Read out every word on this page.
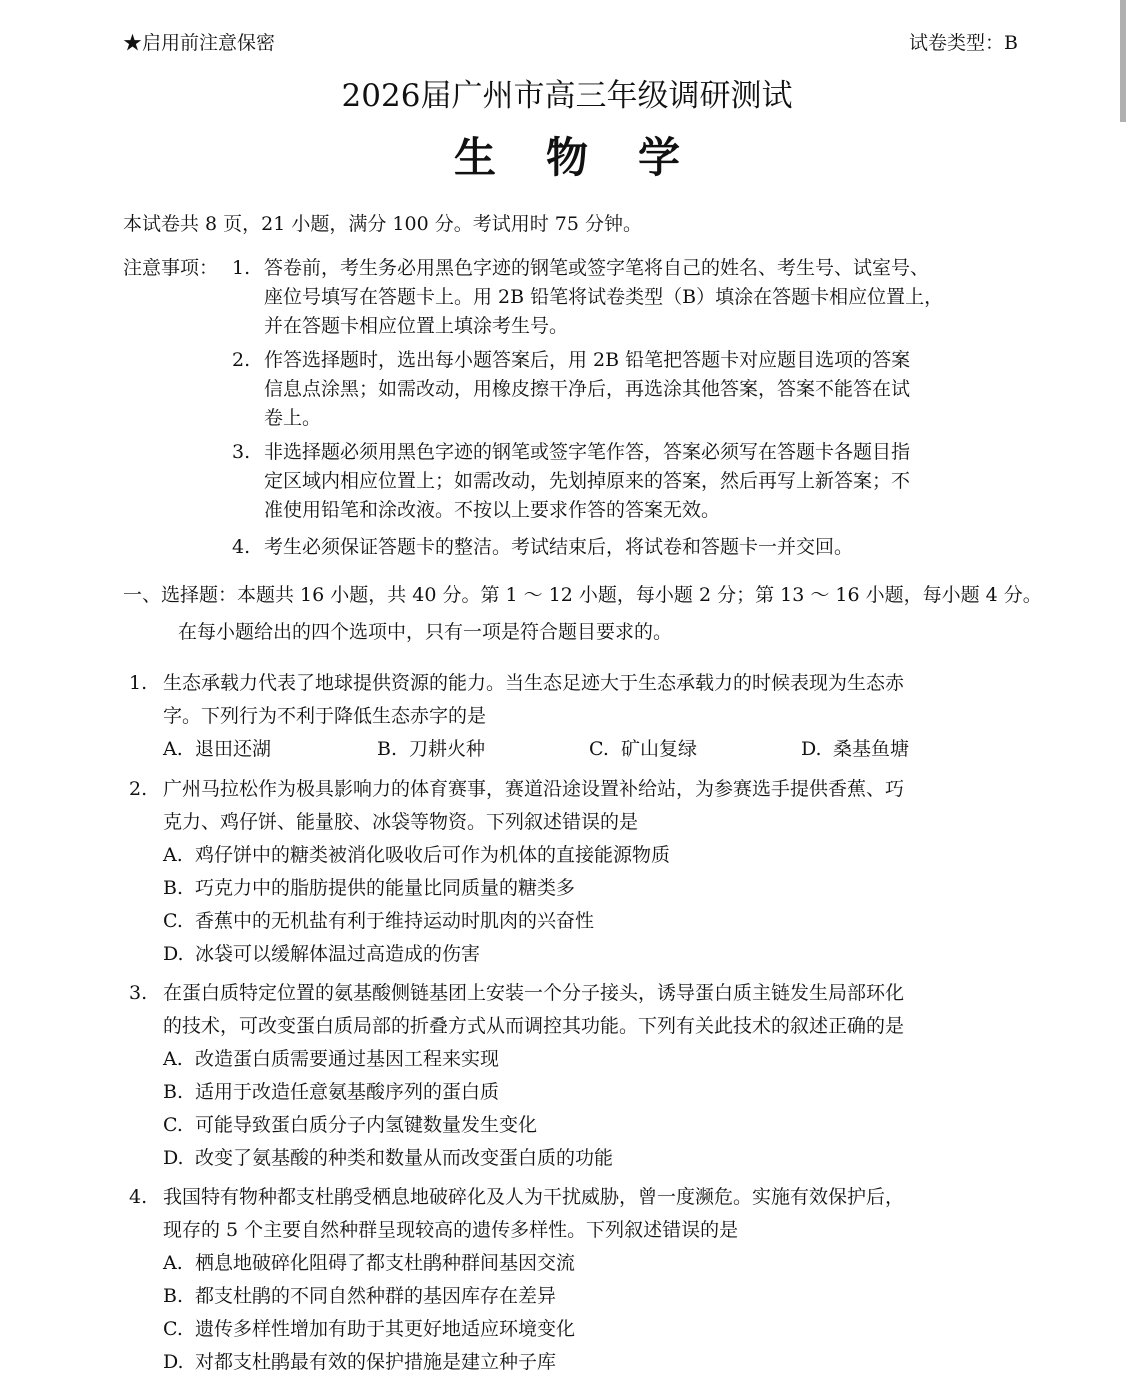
★启用前注意保密	试卷类型：B
2026届广州市高三年级调研测试
生物学
本试卷共 8 页，21 小题，满分 100 分。考试用时 75 分钟。
注意事项： 1. 答卷前，考生务必用黑色字迹的钢笔或签字笔将自己的姓名、考生号、试室号、
座位号填写在答题卡上。用 2B 铅笔将试卷类型（B）填涂在答题卡相应位置上，
并在答题卡相应位置上填涂考生号。
2. 作答选择题时，选出每小题答案后，用 2B 铅笔把答题卡对应题目选项的答案
信息点涂黑；如需改动，用橡皮擦干净后，再选涂其他答案，答案不能答在试
卷上。
3. 非选择题必须用黑色字迹的钢笔或签字笔作答，答案必须写在答题卡各题目指
定区域内相应位置上；如需改动，先划掉原来的答案，然后再写上新答案；不
准使用铅笔和涂改液。不按以上要求作答的答案无效。
4. 考生必须保证答题卡的整洁。考试结束后，将试卷和答题卡一并交回。
一、选择题：本题共 16 小题，共 40 分。第 1 ～ 12 小题，每小题 2 分；第 13 ～ 16 小题，每小题 4 分。
在每小题给出的四个选项中，只有一项是符合题目要求的。
1. 生态承载力代表了地球提供资源的能力。当生态足迹大于生态承载力的时候表现为生态赤
字。下列行为不利于降低生态赤字的是
A. 退田还湖	B. 刀耕火种	C. 矿山复绿	D. 桑基鱼塘
2. 广州马拉松作为极具影响力的体育赛事，赛道沿途设置补给站，为参赛选手提供香蕉、巧
克力、鸡仔饼、能量胶、冰袋等物资。下列叙述错误的是
A. 鸡仔饼中的糖类被消化吸收后可作为机体的直接能源物质
B. 巧克力中的脂肪提供的能量比同质量的糖类多
C. 香蕉中的无机盐有利于维持运动时肌肉的兴奋性
D. 冰袋可以缓解体温过高造成的伤害
3. 在蛋白质特定位置的氨基酸侧链基团上安装一个分子接头，诱导蛋白质主链发生局部环化
的技术，可改变蛋白质局部的折叠方式从而调控其功能。下列有关此技术的叙述正确的是
A. 改造蛋白质需要通过基因工程来实现
B. 适用于改造任意氨基酸序列的蛋白质
C. 可能导致蛋白质分子内氢键数量发生变化
D. 改变了氨基酸的种类和数量从而改变蛋白质的功能
4. 我国特有物种都支杜鹃受栖息地破碎化及人为干扰威胁，曾一度濒危。实施有效保护后，
现存的 5 个主要自然种群呈现较高的遗传多样性。下列叙述错误的是
A. 栖息地破碎化阻碍了都支杜鹃种群间基因交流
B. 都支杜鹃的不同自然种群的基因库存在差异
C. 遗传多样性增加有助于其更好地适应环境变化
D. 对都支杜鹃最有效的保护措施是建立种子库
